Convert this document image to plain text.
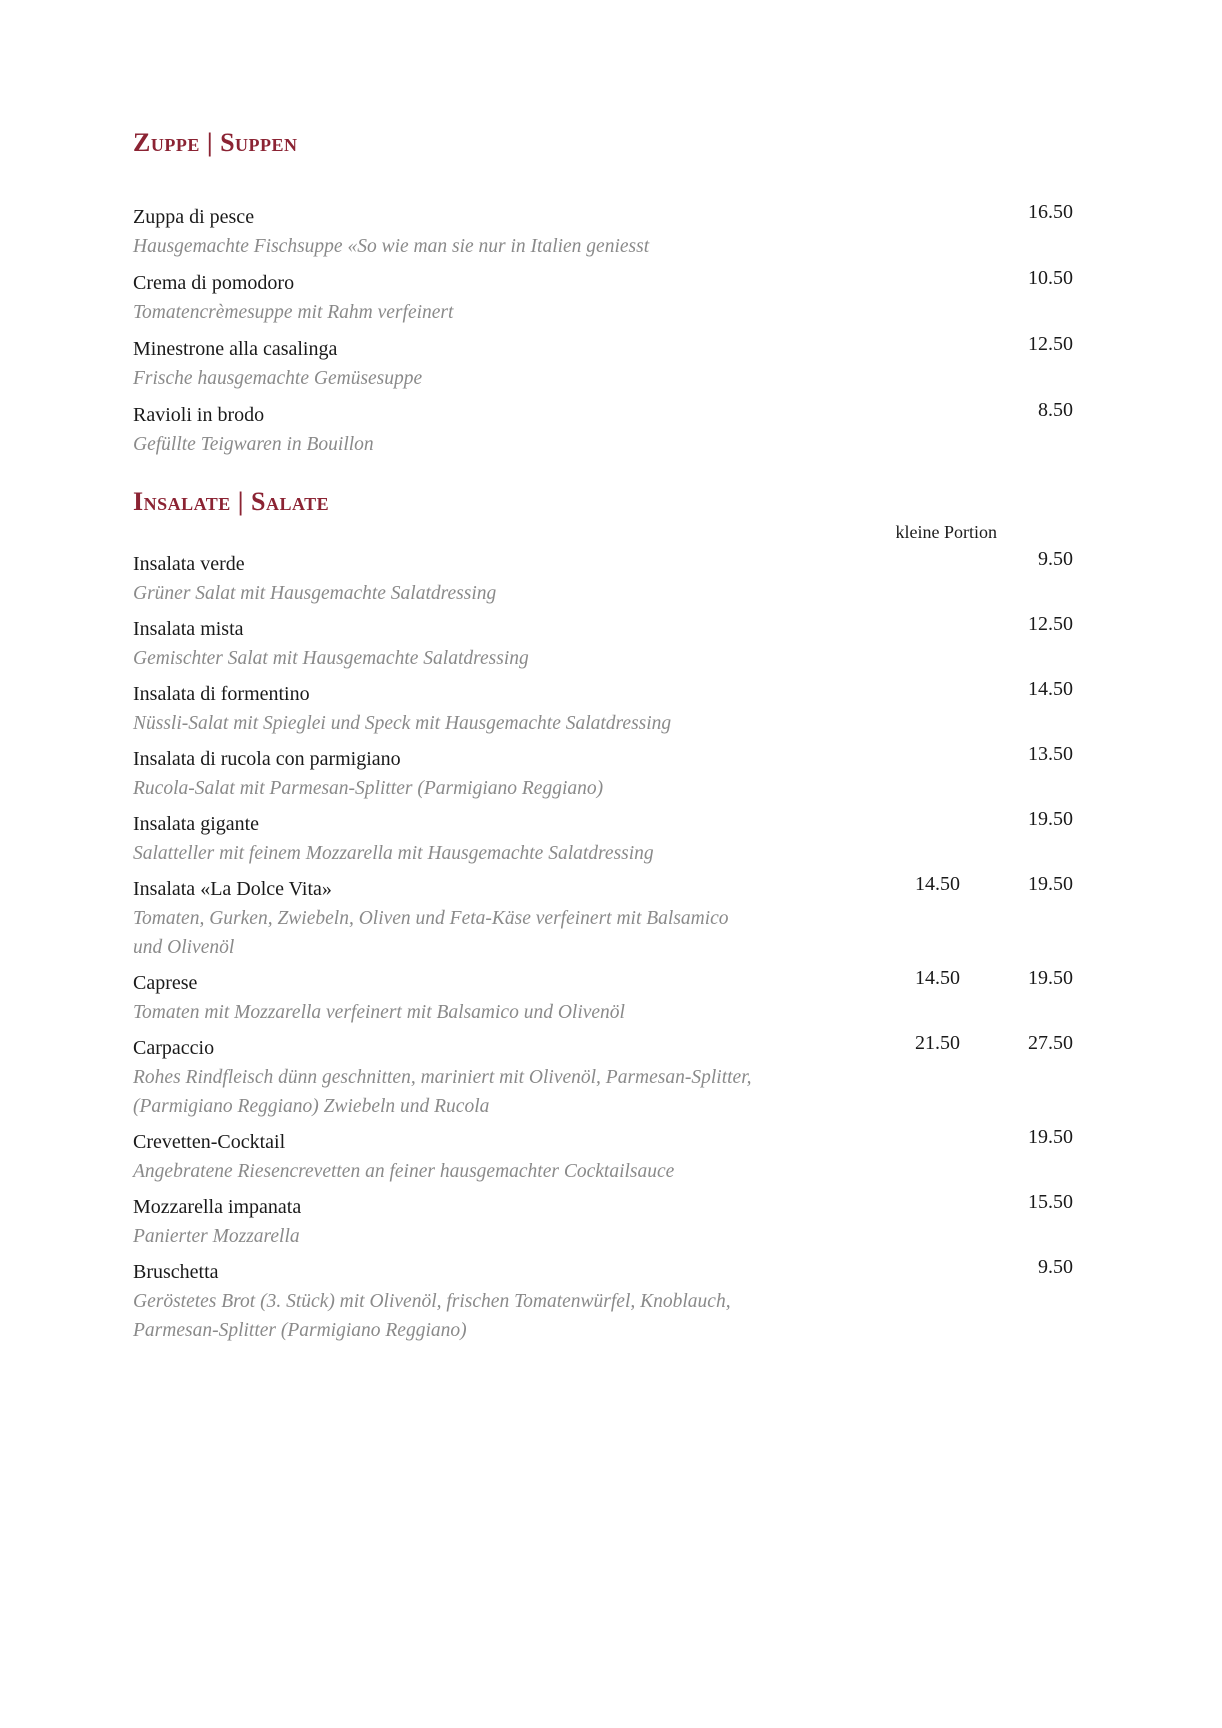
Zuppe | Suppen
Zuppa di pesce	16.50
Hausgemachte Fischsuppe «So wie man sie nur in Italien geniesst
Crema di pomodoro	10.50
Tomatencrèmesuppe mit Rahm verfeinert
Minestrone alla casalinga	12.50
Frische hausgemachte Gemüsesuppe
Ravioli in brodo	8.50
Gefüllte Teigwaren in Bouillon
Insalate | Salate
kleine Portion
Insalata verde	9.50
Grüner Salat mit Hausgemachte Salatdressing
Insalata mista	12.50
Gemischter Salat mit Hausgemachte Salatdressing
Insalata di formentino	14.50
Nüssli-Salat mit Spieglei und Speck mit Hausgemachte Salatdressing
Insalata di rucola con parmigiano	13.50
Rucola-Salat mit Parmesan-Splitter (Parmigiano Reggiano)
Insalata gigante	19.50
Salatteller mit feinem Mozzarella mit Hausgemachte Salatdressing
Insalata «La Dolce Vita»	14.50	19.50
Tomaten, Gurken, Zwiebeln, Oliven und Feta-Käse verfeinert mit Balsamico und Olivenöl
Caprese	14.50	19.50
Tomaten mit Mozzarella verfeinert mit Balsamico und Olivenöl
Carpaccio	21.50	27.50
Rohes Rindfleisch dünn geschnitten, mariniert mit Olivenöl, Parmesan-Splitter, (Parmigiano Reggiano) Zwiebeln und Rucola
Crevetten-Cocktail	19.50
Angebratene Riesencrevetten an feiner hausgemachter Cocktailsauce
Mozzarella impanata	15.50
Panierter Mozzarella
Bruschetta	9.50
Geröstetes Brot (3. Stück) mit Olivenöl, frischen Tomatenwürfel, Knoblauch, Parmesan-Splitter (Parmigiano Reggiano)
